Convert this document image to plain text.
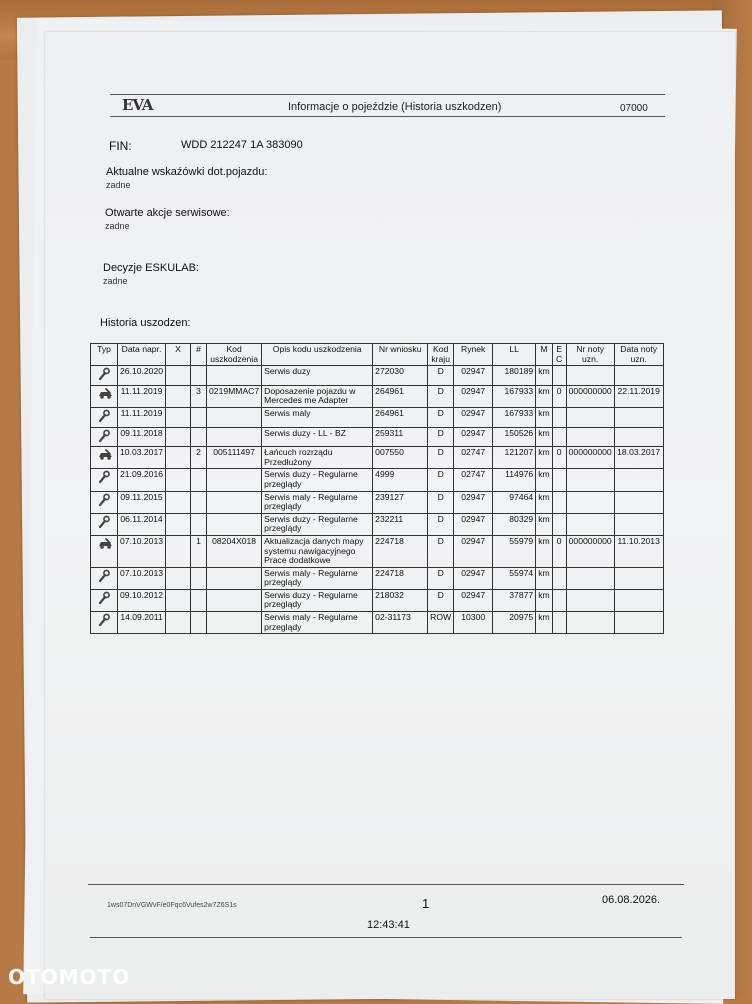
EVA	Informacje o pojeździe (Historia uszkodzen)	07000
FIN:	WDD 212247 1A 383090
Aktualne wskaźówki dot.pojazdu:
zadne
Otwarte akcje serwisowe:
zadne
Decyzje ESKULAB:
zadne
Historia uszodzen:
Typ	Data napr.	X	#	Kod uszkodzenia	Opis kodu uszkodzenia	Nr wniosku	Kod kraju	Rynek	LL	M	E C	Nr noty uzn.	Data noty uzn.
	26.10.2020				Serwis duzy	272030	D	02947	180189	km			
	11.11.2019		3	0219MMAC7	Doposazenie pojazdu w Mercedes me Adapter	264961	D	02947	167933	km	0	000000000	22.11.2019
	11.11.2019				Serwis maly	264961	D	02947	167933	km			
	09.11.2018				Serwis duzy - LL - BZ	259311	D	02947	150526	km			
	10.03.2017		2	005111497	Łańcuch rozrządu Przedłużony	007550	D	02747	121207	km	0	000000000	18.03.2017
	21.09.2016				Serwis duzy - Regularne przeglądy	4999	D	02747	114976	km			
	09.11.2015				Serwis maly - Regularne przeglądy	239127	D	02947	97464	km			
	06.11.2014				Serwis duzy - Regularne przeglądy	232211	D	02947	80329	km			
	07.10.2013		1	08204X018	Aktualizacja danych mapy systemu nawigacyjnego Prace dodatkowe	224718	D	02947	55979	km	0	000000000	11.10.2013
	07.10.2013				Serwis maly - Regularne przeglądy	224718	D	02947	55974	km			
	09.10.2012				Serwis duzy - Regularne przeglądy	218032	D	02947	37877	km			
	14.09.2011				Serwis maly - Regularne przeglądy	02-31173	ROW	10300	20975	km			
1ws07DnVGWvF/e0Fqc6Vufes2w7Z6S1s	1	06.08.2026.
12:43:41
OTOMOTO
